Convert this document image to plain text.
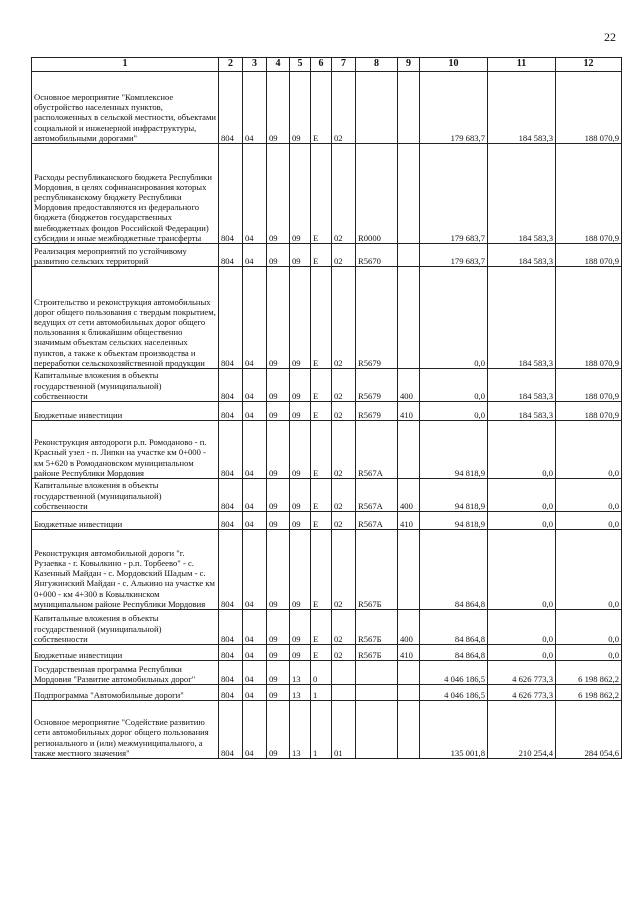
22
1	2	3	4	5	6	7	8	9	10	11	12
Основное мероприятие "Комплексное обустройство населенных пунктов, расположенных в сельской местности, объектами социальной и инженерной инфраструктуры, автомобильными дорогами"	804	04	09	09	Е	02			179 683,7	184 583,3	188 070,9
Расходы республиканского бюджета Республики Мордовия, в целях софинансирования которых республиканскому бюджету Республики Мордовия предоставляются из федерального бюджета (бюджетов государственных внебюджетных фондов Российской Федерации) субсидии и иные межбюджетные трансферты	804	04	09	09	Е	02	R0000		179 683,7	184 583,3	188 070,9
Реализация мероприятий по устойчивому развитию сельских территорий	804	04	09	09	Е	02	R5670		179 683,7	184 583,3	188 070,9
Строительство и реконструкция автомобильных дорог общего пользования с твердым покрытием, ведущих от сети автомобильных дорог общего пользования к ближайшим общественно значимым объектам сельских населенных пунктов, а также к объектам производства и переработки сельскохозяйственной продукции	804	04	09	09	Е	02	R5679		0,0	184 583,3	188 070,9
Капитальные вложения в объекты государственной (муниципальной) собственности	804	04	09	09	Е	02	R5679	400	0,0	184 583,3	188 070,9
Бюджетные инвестиции	804	04	09	09	Е	02	R5679	410	0,0	184 583,3	188 070,9
Реконструкция автодороги р.п. Ромоданово - п. Красный узел - п. Липки на участке км 0+000 - км 5+620 в Ромодановском муниципальном районе Республики Мордовия	804	04	09	09	Е	02	R567А		94 818,9	0,0	0,0
Капитальные вложения в объекты государственной (муниципальной) собственности	804	04	09	09	Е	02	R567А	400	94 818,9	0,0	0,0
Бюджетные инвестиции	804	04	09	09	Е	02	R567А	410	94 818,9	0,0	0,0
Реконструкция автомобильной дороги "г. Рузаевка - г. Ковылкино - р.п. Торбеево" - с. Казенный Майдан - с. Мордовский Шадым - с. Янгужинский Майдан - с. Алькино на участке км 0+000 - км 4+300 в Ковылкинском муниципальном районе Республики Мордовия	804	04	09	09	Е	02	R567Б		84 864,8	0,0	0,0
Капитальные вложения в объекты государственной (муниципальной) собственности	804	04	09	09	Е	02	R567Б	400	84 864,8	0,0	0,0
Бюджетные инвестиции	804	04	09	09	Е	02	R567Б	410	84 864,8	0,0	0,0
Государственная программа Республики Мордовия "Развитие автомобильных дорог"	804	04	09	13	0				4 046 186,5	4 626 773,3	6 198 862,2
Подпрограмма "Автомобильные дороги"	804	04	09	13	1				4 046 186,5	4 626 773,3	6 198 862,2
Основное мероприятие "Содействие развитию сети автомобильных дорог общего пользования регионального и (или) межмуниципального, а также местного значения"	804	04	09	13	1	01			135 001,8	210 254,4	284 054,6
